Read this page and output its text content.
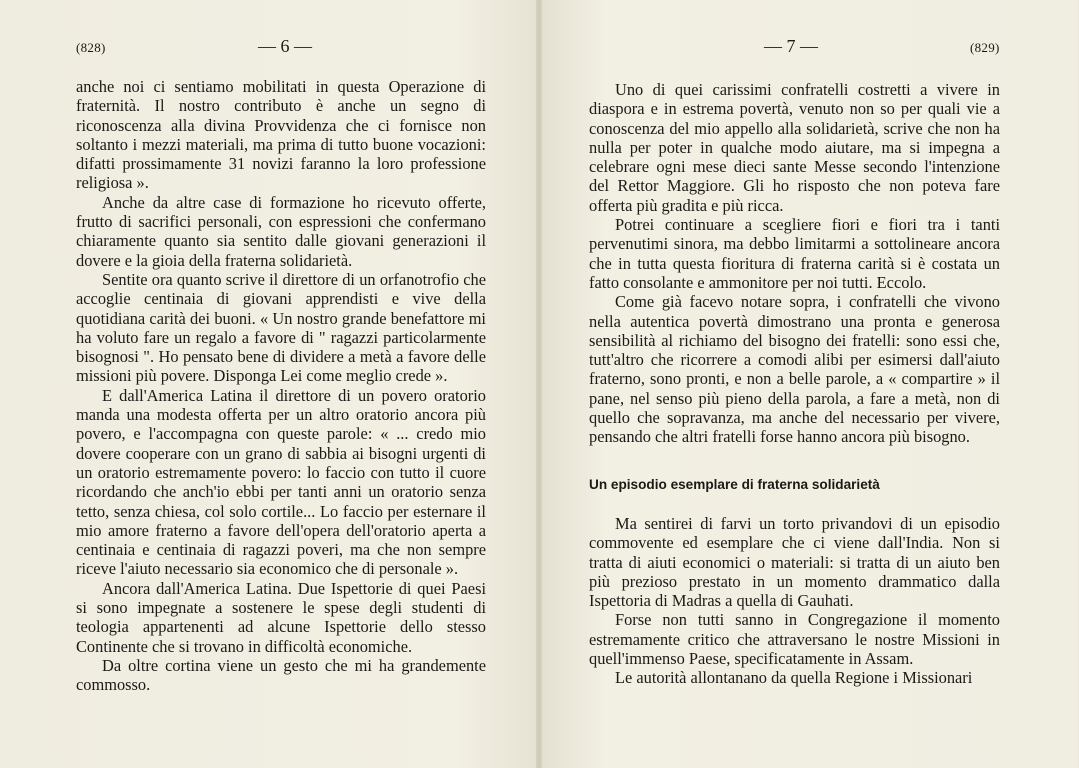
(828)	— 6 —

anche noi ci sentiamo mobilitati in questa Operazione di fraternità. Il nostro contributo è anche un segno di riconoscenza alla divina Provvidenza che ci fornisce non soltanto i mezzi materiali, ma prima di tutto buone vocazioni: difatti prossimamente 31 novizi faranno la loro professione religiosa ».

Anche da altre case di formazione ho ricevuto offerte, frutto di sacrifici personali, con espressioni che confermano chiaramente quanto sia sentito dalle giovani generazioni il dovere e la gioia della fraterna solidarietà.

Sentite ora quanto scrive il direttore di un orfanotrofio che accoglie centinaia di giovani apprendisti e vive della quotidiana carità dei buoni. « Un nostro grande benefattore mi ha voluto fare un regalo a favore di " ragazzi particolarmente bisognosi ". Ho pensato bene di dividere a metà a favore delle missioni più povere. Disponga Lei come meglio crede ».

E dall'America Latina il direttore di un povero oratorio manda una modesta offerta per un altro oratorio ancora più povero, e l'accompagna con queste parole: « ... credo mio dovere cooperare con un grano di sabbia ai bisogni urgenti di un oratorio estremamente povero: lo faccio con tutto il cuore ricordando che anch'io ebbi per tanti anni un oratorio senza tetto, senza chiesa, col solo cortile... Lo faccio per esternare il mio amore fraterno a favore dell'opera dell'oratorio aperta a centinaia e centinaia di ragazzi poveri, ma che non sempre riceve l'aiuto necessario sia economico che di personale ».

Ancora dall'America Latina. Due Ispettorie di quei Paesi si sono impegnate a sostenere le spese degli studenti di teologia appartenenti ad alcune Ispettorie dello stesso Continente che si trovano in difficoltà economiche.

Da oltre cortina viene un gesto che mi ha grandemente commosso.

— 7 —	(829)

Uno di quei carissimi confratelli costretti a vivere in diaspora e in estrema povertà, venuto non so per quali vie a conoscenza del mio appello alla solidarietà, scrive che non ha nulla per poter in qualche modo aiutare, ma si impegna a celebrare ogni mese dieci sante Messe secondo l'intenzione del Rettor Maggiore. Gli ho risposto che non poteva fare offerta più gradita e più ricca.

Potrei continuare a scegliere fiori e fiori tra i tanti pervenutimi sinora, ma debbo limitarmi a sottolineare ancora che in tutta questa fioritura di fraterna carità si è costata un fatto consolante e ammonitore per noi tutti. Eccolo.

Come già facevo notare sopra, i confratelli che vivono nella autentica povertà dimostrano una pronta e generosa sensibilità al richiamo del bisogno dei fratelli: sono essi che, tutt'altro che ricorrere a comodi alibi per esimersi dall'aiuto fraterno, sono pronti, e non a belle parole, a « compartire » il pane, nel senso più pieno della parola, a fare a metà, non di quello che sopravanza, ma anche del necessario per vivere, pensando che altri fratelli forse hanno ancora più bisogno.

Un episodio esemplare di fraterna solidarietà

Ma sentirei di farvi un torto privandovi di un episodio commovente ed esemplare che ci viene dall'India. Non si tratta di aiuti economici o materiali: si tratta di un aiuto ben più prezioso prestato in un momento drammatico dalla Ispettoria di Madras a quella di Gauhati.

Forse non tutti sanno in Congregazione il momento estremamente critico che attraversano le nostre Missioni in quell'immenso Paese, specificatamente in Assam.

Le autorità allontanano da quella Regione i Missionari
